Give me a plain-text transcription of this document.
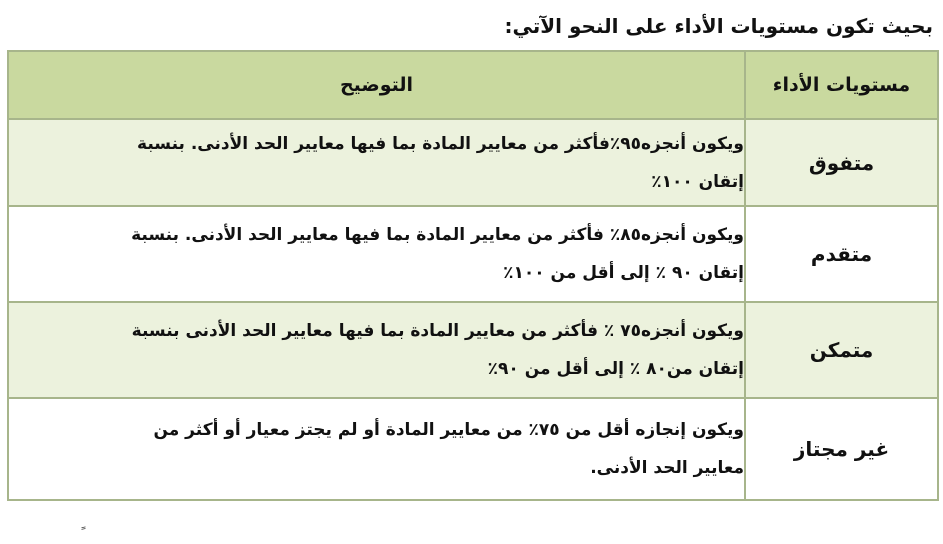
بحيث تكون مستويات الأداء على النحو الآتي:
مستويات الأداء	التوضيح
متفوق	ويكون أنجزه٩٥٪فأكثر من معايير المادة بما فيها معايير الحد الأدنى. بنسبة
إتقان ١٠٠٪

متقدم	ويكون أنجزه٨٥٪ فأكثر من معايير المادة بما فيها معايير الحد الأدنى. بنسبة
إتقان ٩٠ ٪ إلى أقل من ١٠٠٪

متمكن	ويكون أنجزه٧٥ ٪ فأكثر من معايير المادة بما فيها معايير الحد الأدنى بنسبة
إتقان من٨٠ ٪ إلى أقل من ٩٠٪

غير مجتاز	ويكون إنجازه أقل من ٧٥٪ من معايير المادة أو لم يجتز معيار أو أكثر من
معايير الحد الأدنى.
